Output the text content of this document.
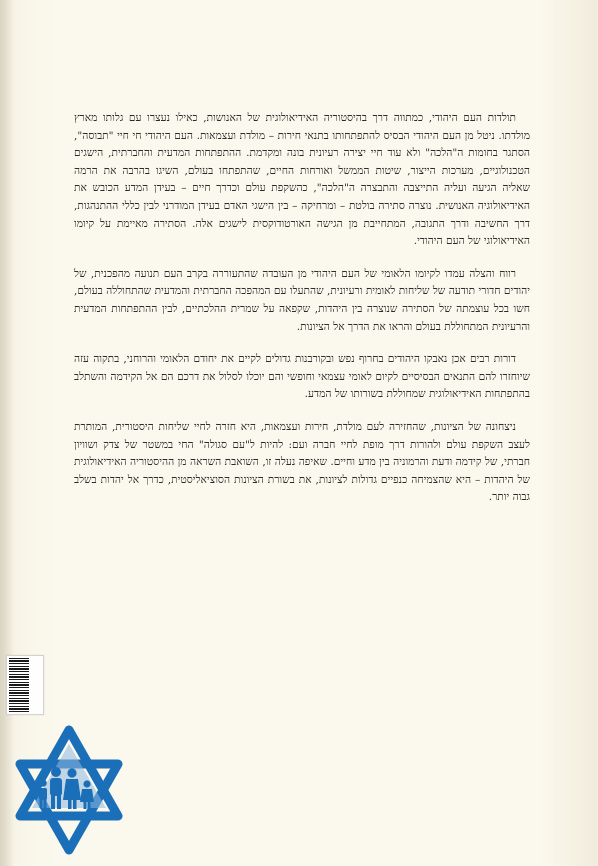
תולדות העם היהודי, כמתווה דרך בהיסטוריה האידיאולוגית של האנושות, כאילו נעצרו עם גלותו מארץ מולדתו. ניטל מן העם היהודי הבסיס להתפתחותו בתנאי חירות – מולדת ועצמאות. העם היהודי חי חיי "תבוסה", הסתגר בחומות ה"הלכה" ולא עוד חיי יצירה רעיונית בונה ומקדמת. ההתפתחות המדעית והחברתית, הישגים הטכנולוגיים, מערכות הייצור, שיטות הממשל ואורחות החיים, שהתפתחו בעולם, השיגו בהרבה את הרמה שאליה הגיעה ועליה התייצבה והתבצרה ה"הלכה", כהשקפת עולם וכדרך חיים – בעידן המדע הכובש את האידיאולוגיה האנושית. נוצרה סתירה בולטת – ומרחיקה – בין הישגי האדם בעידן המודרני לבין כללי ההתנהגות, דרך החשיבה ודרך התגובה, המתחייבת מן הגישה האורטודוקסית לישגים אלה. הסתירה מאיימת על קיומו האידיאולוגי של העם היהודי.

רווח והצלה עמדו לקיומו הלאומי של העם היהודי מן העובדה שהתעוררה בקרב העם תנועה מהפכנית, של יהודים חדורי תודעה של שליחות לאומית ורעיונית, שהתעלו עם המהפכה החברתית והמדעית שהתחוללה בעולם, חשו בכל עוצמתה של הסתירה שנוצרה בין היהדות, שקפאה על שמרית ההלכתיים, לבין ההתפתחות המדעית והרעיונית המתחוללת בעולם והראו את הדרך אל הציונות.

דורות רבים אכן נאבקו היהודים בחרוף נפש ובקורבנות גדולים לקיים את יחודם הלאומי והרוחני, בתקוה עזה שיוחזרו להם התנאים הבסיסיים לקיום לאומי עצמאי וחופשי והם יוכלו לסלול את דרכם הם אל הקידמה והשתלב בהתפתחות האידיאולוגית שמחוללת בשורותו של המדע.

ניצחונה של הציונות, שהחזירה לעם מולדת, חירות ועצמאות, היא חזרה לחיי שליחות היסטורית, המותרת לעצב השקפת עולם ולהורות דרך מופת לחיי חברה ועם: להיות ל"עם סגולה" החי במשטר של צדק ושוויון חברתי, של קידמה ודעת והרמוניה בין מדע וחיים. שאיפה נעלה זו, השואבת השראה מן ההיסטוריה האידיאולוגית של היהדות – היא שהצמיחה כנפיים גדולות לציונות, את בשורת הציונות הסוציאליסטית, כדרך אל יהדות בשלב גבוה יותר.
